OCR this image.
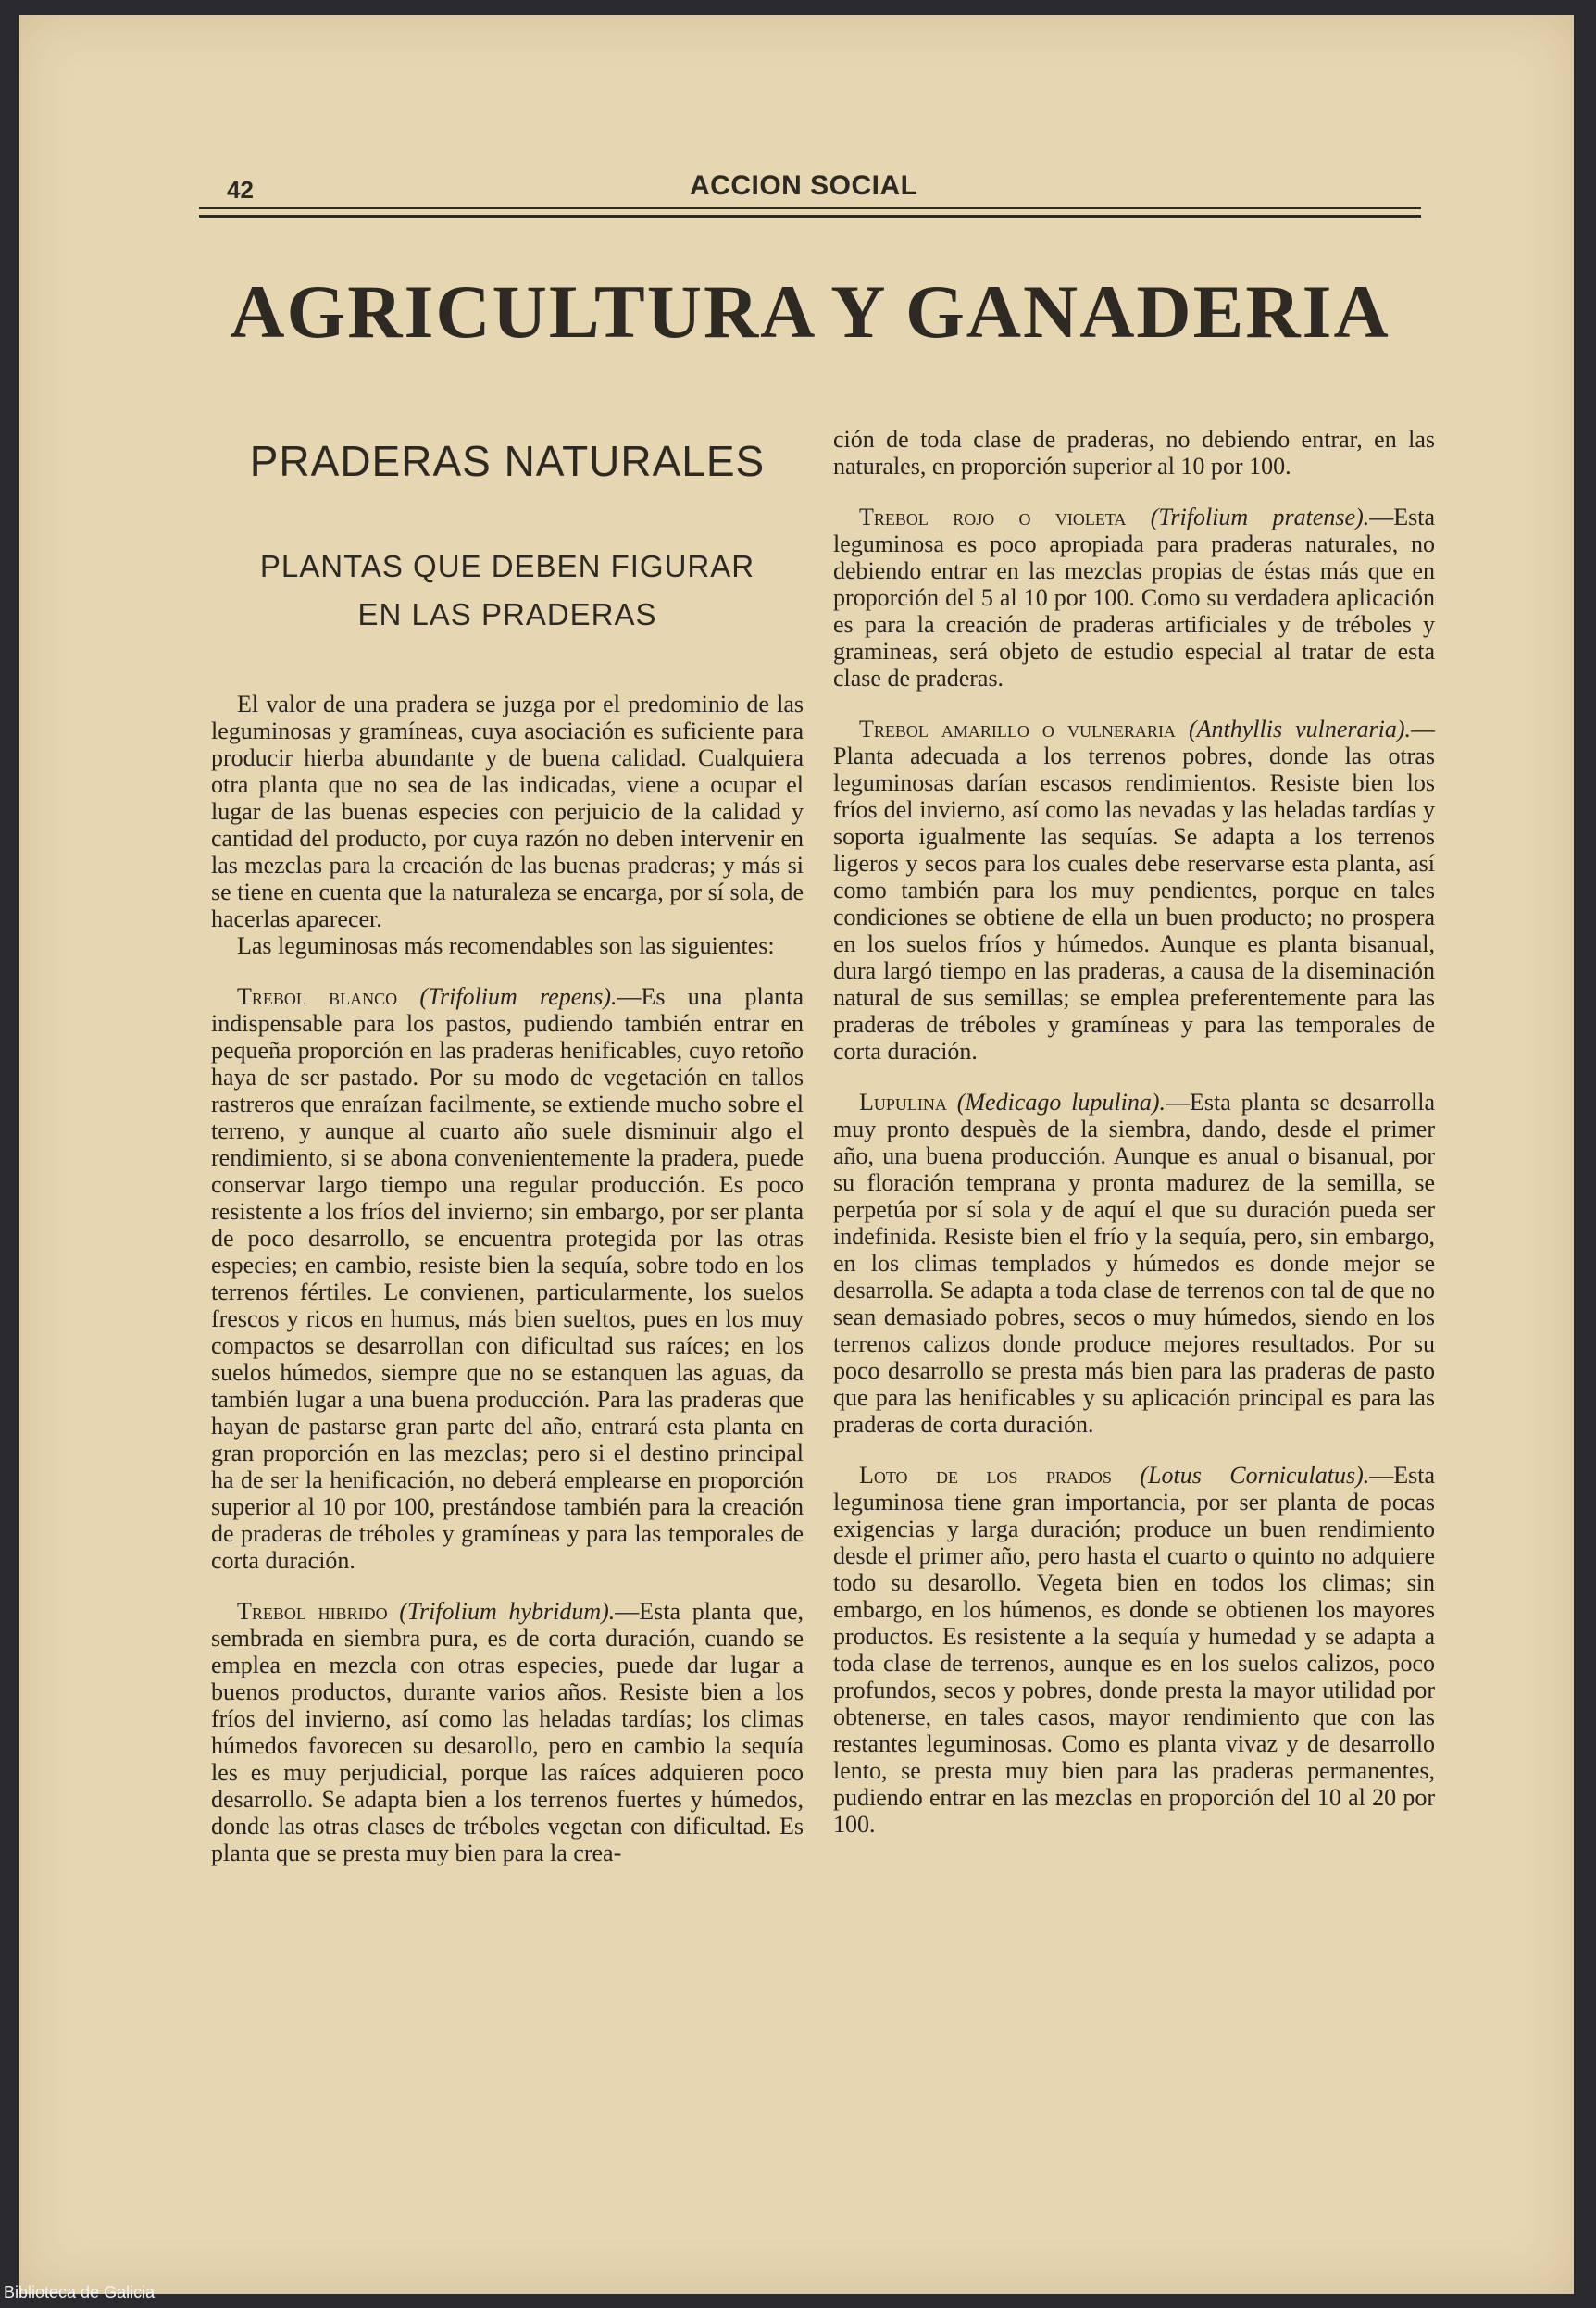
42	ACCION SOCIAL
AGRICULTURA Y GANADERIA
PRADERAS NATURALES
PLANTAS QUE DEBEN FIGURAR
EN LAS PRADERAS

El valor de una pradera se juzga por el predominio de las leguminosas y gramíneas, cuya asociación es suficiente para producir hierba abundante y de buena calidad. Cualquiera otra planta que no sea de las indicadas, viene a ocupar el lugar de las buenas especies con perjuicio de la calidad y cantidad del producto, por cuya razón no deben intervenir en las mezclas para la creación de las buenas praderas; y más si se tiene en cuenta que la naturaleza se encarga, por sí sola, de hacerlas aparecer.

Las leguminosas más recomendables son las siguientes:

Trebol blanco (Trifolium repens).—Es una planta indispensable para los pastos, pudiendo también entrar en pequeña proporción en las praderas henificables, cuyo retoño haya de ser pastado. Por su modo de vegetación en tallos rastreros que enraízan facilmente, se extiende mucho sobre el terreno, y aunque al cuarto año suele disminuir algo el rendimiento, si se abona convenientemente la pradera, puede conservar largo tiempo una regular producción. Es poco resistente a los fríos del invierno; sin embargo, por ser planta de poco desarrollo, se encuentra protegida por las otras especies; en cambio, resiste bien la sequía, sobre todo en los terrenos fértiles. Le convienen, particularmente, los suelos frescos y ricos en humus, más bien sueltos, pues en los muy compactos se desarrollan con dificultad sus raíces; en los suelos húmedos, siempre que no se estanquen las aguas, da también lugar a una buena producción. Para las praderas que hayan de pastarse gran parte del año, entrará esta planta en gran proporción en las mezclas; pero si el destino principal ha de ser la henificación, no deberá emplearse en proporción superior al 10 por 100, prestándose también para la creación de praderas de tréboles y gramíneas y para las temporales de corta duración.

Trebol hibrido (Trifolium hybridum).—Esta planta que, sembrada en siembra pura, es de corta duración, cuando se emplea en mezcla con otras especies, puede dar lugar a buenos productos, durante varios años. Resiste bien a los fríos del invierno, así como las heladas tardías; los climas húmedos favorecen su desarollo, pero en cambio la sequía les es muy perjudicial, porque las raíces adquieren poco desarrollo. Se adapta bien a los terrenos fuertes y húmedos, donde las otras clases de tréboles vegetan con dificultad. Es planta que se presta muy bien para la crea-

ción de toda clase de praderas, no debiendo entrar, en las naturales, en proporción superior al 10 por 100.

Trebol rojo o violeta (Trifolium pratense).—Esta leguminosa es poco apropiada para praderas naturales, no debiendo entrar en las mezclas propias de éstas más que en proporción del 5 al 10 por 100. Como su verdadera aplicación es para la creación de praderas artificiales y de tréboles y gramineas, será objeto de estudio especial al tratar de esta clase de praderas.

Trebol amarillo o vulneraria (Anthyllis vulneraria).—Planta adecuada a los terrenos pobres, donde las otras leguminosas darían escasos rendimientos. Resiste bien los fríos del invierno, así como las nevadas y las heladas tardías y soporta igualmente las sequías. Se adapta a los terrenos ligeros y secos para los cuales debe reservarse esta planta, así como también para los muy pendientes, porque en tales condiciones se obtiene de ella un buen producto; no prospera en los suelos fríos y húmedos. Aunque es planta bisanual, dura largó tiempo en las praderas, a causa de la diseminación natural de sus semillas; se emplea preferentemente para las praderas de tréboles y gramíneas y para las temporales de corta duración.

Lupulina (Medicago lupulina).—Esta planta se desarrolla muy pronto despuès de la siembra, dando, desde el primer año, una buena producción. Aunque es anual o bisanual, por su floración temprana y pronta madurez de la semilla, se perpetúa por sí sola y de aquí el que su duración pueda ser indefinida. Resiste bien el frío y la sequía, pero, sin embargo, en los climas templados y húmedos es donde mejor se desarrolla. Se adapta a toda clase de terrenos con tal de que no sean demasiado pobres, secos o muy húmedos, siendo en los terrenos calizos donde produce mejores resultados. Por su poco desarrollo se presta más bien para las praderas de pasto que para las henificables y su aplicación principal es para las praderas de corta duración.

Loto de los prados (Lotus Corniculatus).—Esta leguminosa tiene gran importancia, por ser planta de pocas exigencias y larga duración; produce un buen rendimiento desde el primer año, pero hasta el cuarto o quinto no adquiere todo su desarollo. Vegeta bien en todos los climas; sin embargo, en los húmenos, es donde se obtienen los mayores productos. Es resistente a la sequía y humedad y se adapta a toda clase de terrenos, aunque es en los suelos calizos, poco profundos, secos y pobres, donde presta la mayor utilidad por obtenerse, en tales casos, mayor rendimiento que con las restantes leguminosas. Como es planta vivaz y de desarrollo lento, se presta muy bien para las praderas permanentes, pudiendo entrar en las mezclas en proporción del 10 al 20 por 100.

Biblioteca de Galicia
